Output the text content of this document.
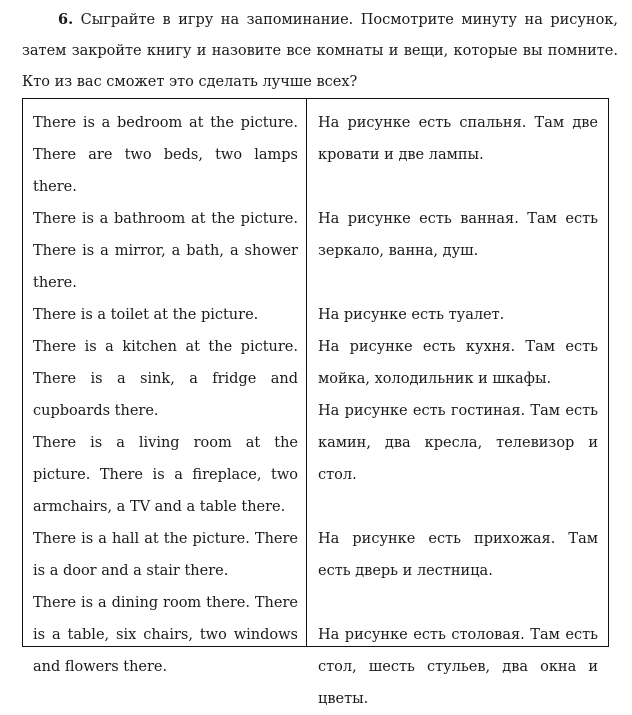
6. Сыграйте в игру на запоминание. Посмотрите минуту на рисунок, затем закройте книгу и назовите все комнаты и вещи, которые вы помните. Кто из вас сможет это сделать лучше всех?

There is a bedroom at the picture. There are two beds, two lamps there.

There is a bathroom at the picture. There is a mirror, a bath, a shower there.

There is a toilet at the picture.

There is a kitchen at the picture. There is a sink, a fridge and cupboards there.

There is a living room at the picture. There is a fireplace, two armchairs, a TV and a table there.

There is a hall at the picture. There is a door and a stair there.

There is a dining room there. There is a table, six chairs, two windows and flowers there.

На рисунке есть спальня. Там две кровати и две лампы.

На рисунке есть ванная. Там есть зеркало, ванна, душ.

На рисунке есть туалет.

На рисунке есть кухня. Там есть мойка, холодильник и шкафы.

На рисунке есть гостиная. Там есть камин, два кресла, телевизор и стол.

На рисунке есть прихожая. Там есть дверь и лестница.

На рисунке есть столовая. Там есть стол, шесть стульев, два окна и цветы.
